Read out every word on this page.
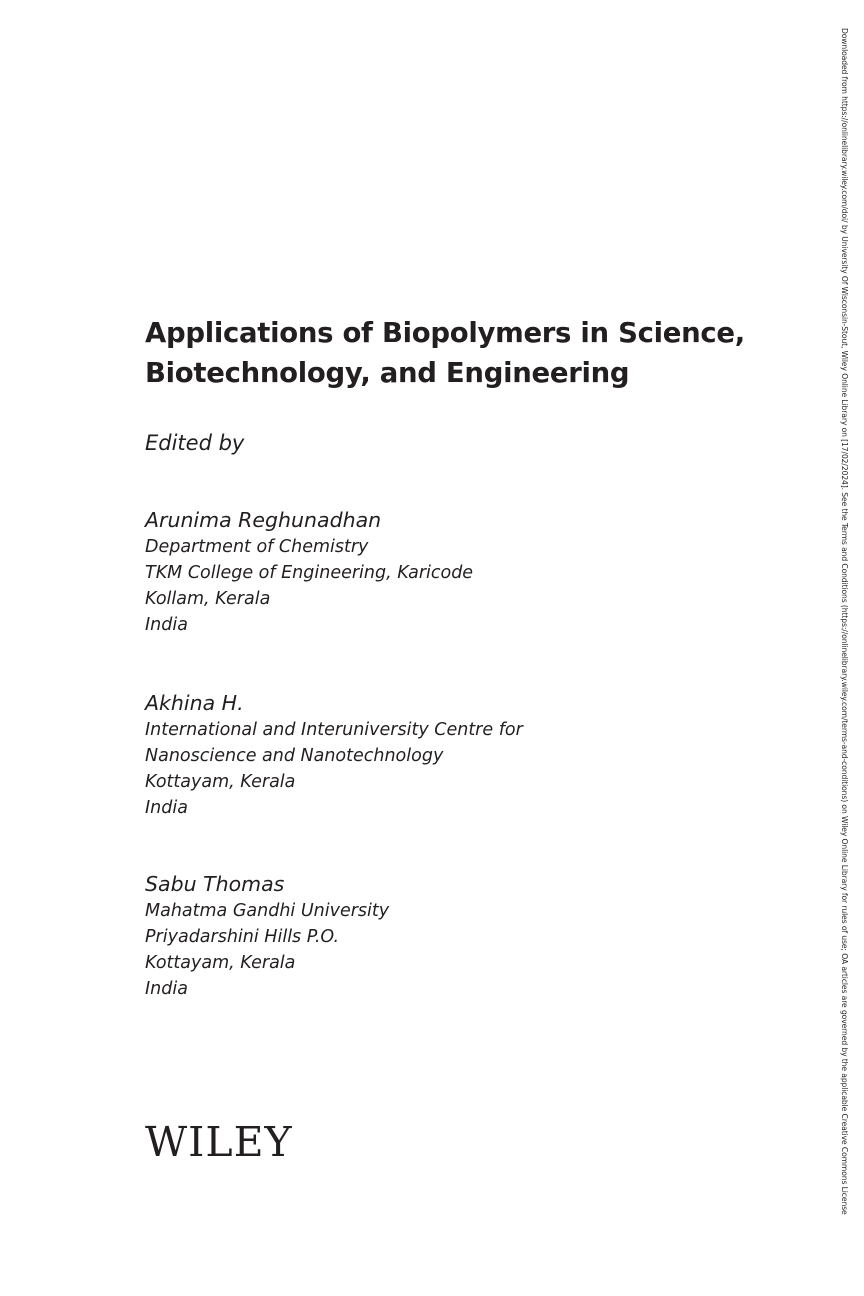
Applications of Biopolymers in Science,
Biotechnology, and Engineering

Edited by

Arunima Reghunadhan
Department of Chemistry
TKM College of Engineering, Karicode
Kollam, Kerala
India
Akhina H.
International and Interuniversity Centre for
Nanoscience and Nanotechnology
Kottayam, Kerala
India
Sabu Thomas
Mahatma Gandhi University
Priyadarshini Hills P.O.
Kottayam, Kerala
India
WILEY	Downloaded from https://onlinelibrary.wiley.com/doi/ by University Of Wisconsin-Stout, Wiley Online Library on [17/02/2024]. See the Terms and Conditions (https://onlinelibrary.wiley.com/terms-and-conditions) on Wiley Online Library for rules of use; OA articles are governed by the applicable Creative Commons License
